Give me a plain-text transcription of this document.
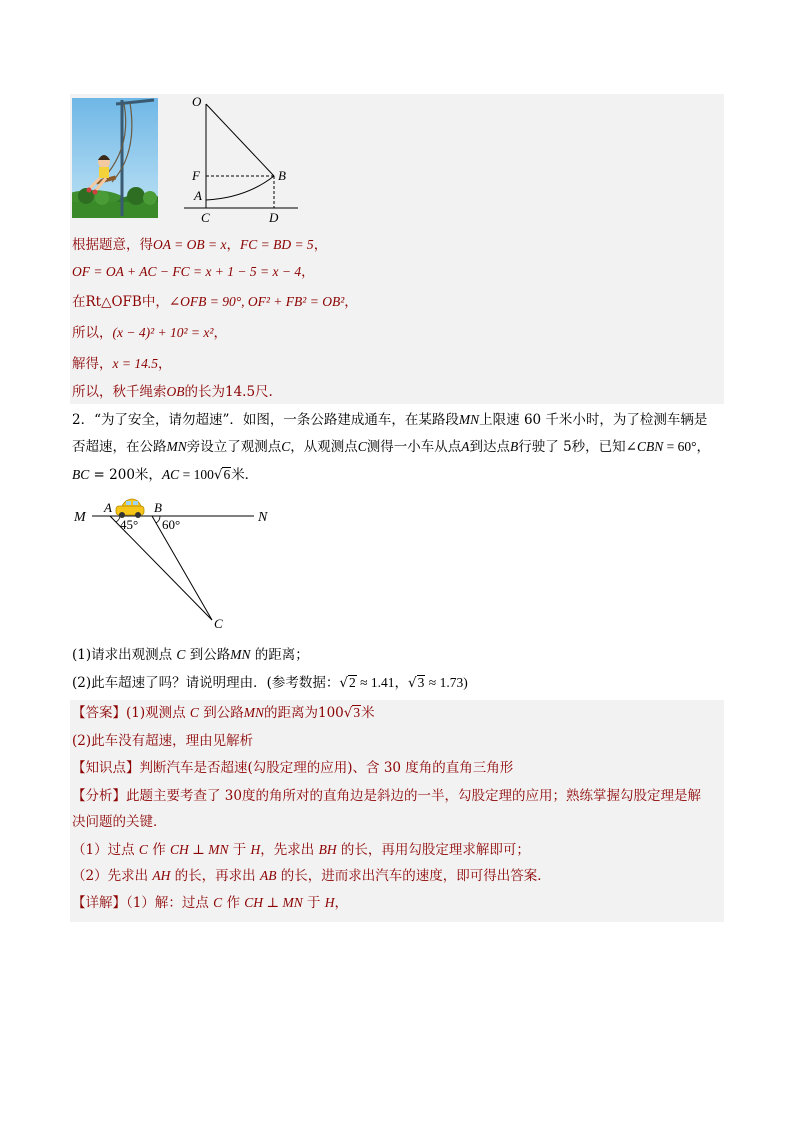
O
F	B
A
C	D
根据题意，得OA = OB = x，FC = BD = 5，
OF = OA + AC − FC = x + 1 − 5 = x − 4，
在Rt△OFB中，∠OFB = 90°, OF² + FB² = OB²，
所以，(x − 4)² + 10² = x²，
解得，x = 14.5，
所以，秋千绳索OB的长为14.5尺.
2．“为了安全，请勿超速”．如图，一条公路建成通车，在某路段MN上限速 60 千米小时，为了检测车辆是
否超速，在公路MN旁设立了观测点C，从观测点C测得一小车从点A到达点B行驶了 5秒，已知∠CBN = 60°，
BC = 200米，AC = 100√6米．
M	N
A	B
C
45° 60°
(1)请求出观测点 C 到公路MN 的距离；
(2)此车超速了吗？请说明理由．(参考数据：√2 ≈ 1.41，√3 ≈ 1.73)
【答案】(1)观测点 C 到公路MN的距离为100√3米
(2)此车没有超速，理由见解析
【知识点】判断汽车是否超速(勾股定理的应用)、含 30 度角的直角三角形
【分析】此题主要考查了 30度的角所对的直角边是斜边的一半，勾股定理的应用；熟练掌握勾股定理是解
决问题的关键．
（1）过点 C 作 CH ⊥ MN 于 H，先求出 BH 的长，再用勾股定理求解即可；
（2）先求出 AH 的长，再求出 AB 的长，进而求出汽车的速度，即可得出答案．
【详解】（1）解：过点 C 作 CH ⊥ MN 于 H，
